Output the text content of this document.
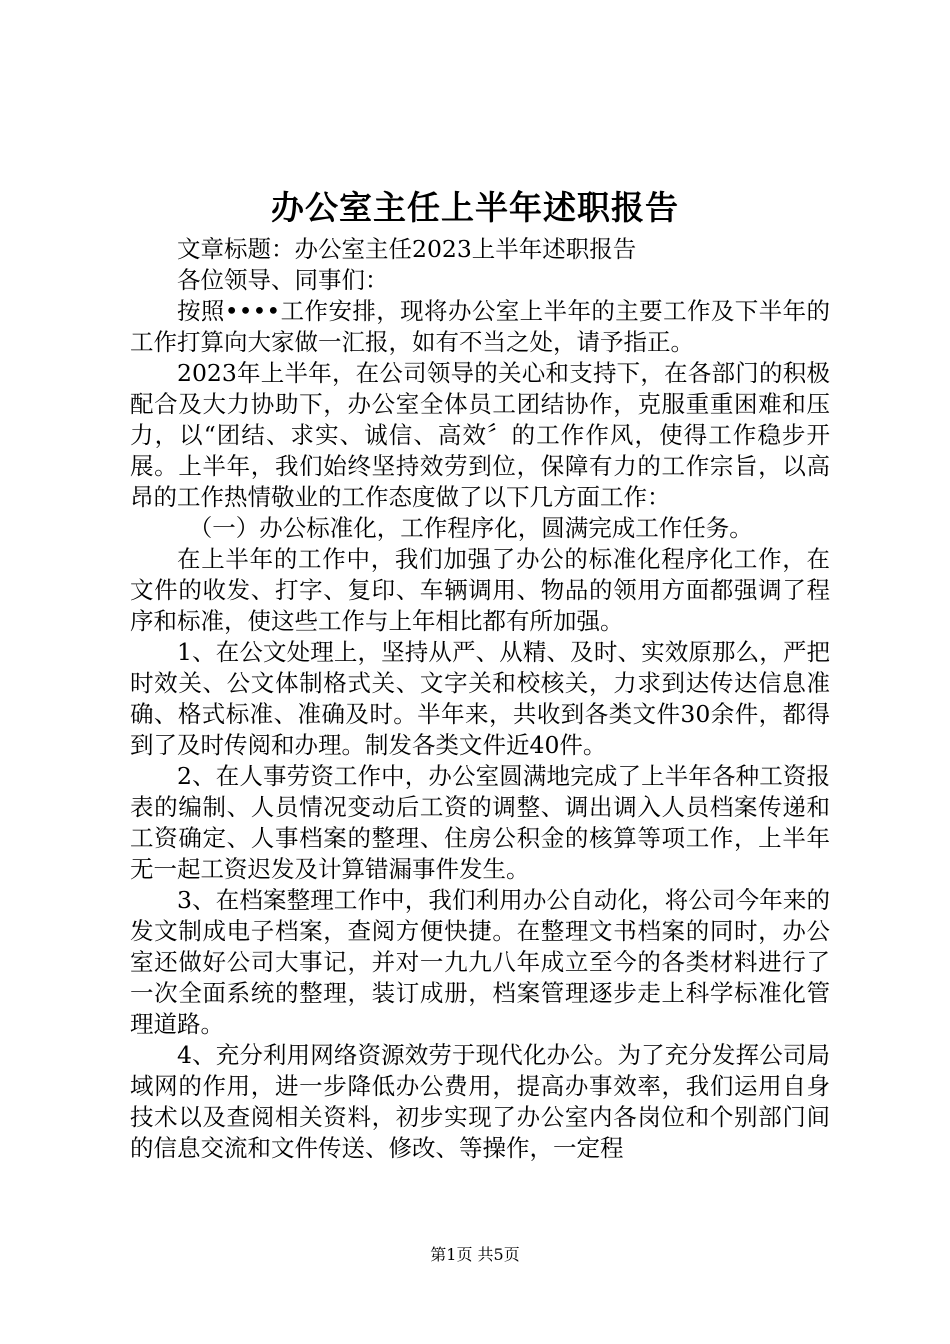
办公室主任上半年述职报告

文章标题：办公室主任2023上半年述职报告

各位领导、同事们：

按照••••工作安排，现将办公室上半年的主要工作及下半年的工作打算向大家做一汇报，如有不当之处，请予指正。

2023年上半年，在公司领导的关心和支持下，在各部门的积极配合及大力协助下，办公室全体员工团结协作，克服重重困难和压力，以“团结、求实、诚信、高效〞的工作作风，使得工作稳步开展。上半年，我们始终坚持效劳到位，保障有力的工作宗旨，以高昂的工作热情敬业的工作态度做了以下几方面工作：

（一）办公标准化，工作程序化，圆满完成工作任务。

在上半年的工作中，我们加强了办公的标准化程序化工作，在文件的收发、打字、复印、车辆调用、物品的领用方面都强调了程序和标准，使这些工作与上年相比都有所加强。

1、在公文处理上，坚持从严、从精、及时、实效原那么，严把时效关、公文体制格式关、文字关和校核关，力求到达传达信息准确、格式标准、准确及时。半年来，共收到各类文件30余件，都得到了及时传阅和办理。制发各类文件近40件。

2、在人事劳资工作中，办公室圆满地完成了上半年各种工资报表的编制、人员情况变动后工资的调整、调出调入人员档案传递和工资确定、人事档案的整理、住房公积金的核算等项工作，上半年无一起工资迟发及计算错漏事件发生。

3、在档案整理工作中，我们利用办公自动化，将公司今年来的发文制成电子档案，查阅方便快捷。在整理文书档案的同时，办公室还做好公司大事记，并对一九九八年成立至今的各类材料进行了一次全面系统的整理，装订成册，档案管理逐步走上科学标准化管理道路。

4、充分利用网络资源效劳于现代化办公。为了充分发挥公司局域网的作用，进一步降低办公费用，提高办事效率，我们运用自身技术以及查阅相关资料，初步实现了办公室内各岗位和个别部门间的信息交流和文件传送、修改、等操作，一定程

第1页 共5页
